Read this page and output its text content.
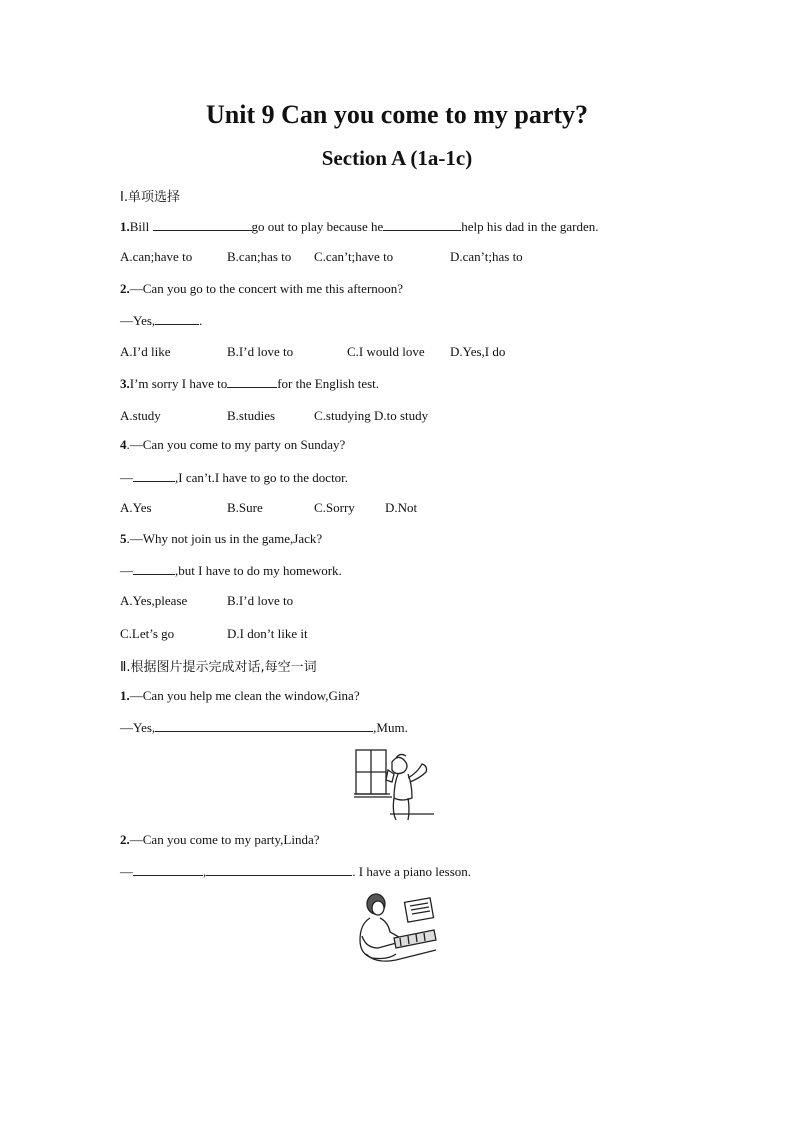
Unit 9 Can you come to my party?
Section A (1a-1c)
Ⅰ.单项选择
1.Bill	go out to play because he	help his dad in the garden.
A.can;have to	B.can;has to C.can’t;have to	D.can’t;has to
2.—Can you go to the concert with me this afternoon?
—Yes,	.
A.I’d like	B.I’d love to	C.I would love D.Yes,I do
3.I’m sorry I have to	for the English test.
A.study	B.studies	C.studying D.to study
4.—Can you come to my party on Sunday?
—	,I can’t.I have to go to the doctor.
A.Yes	B.Sure	C.Sorry D.Not
5.—Why not join us in the game,Jack?
—	,but I have to do my homework.
A.Yes,please	B.I’d love to
C.Let’s go	D.I don’t like it
Ⅱ.根据图片提示完成对话,每空一词
1.—Can you help me clean the window,Gina?
—Yes,	,Mum.
2.—Can you come to my party,Linda?
—	,	. I have a piano lesson.
